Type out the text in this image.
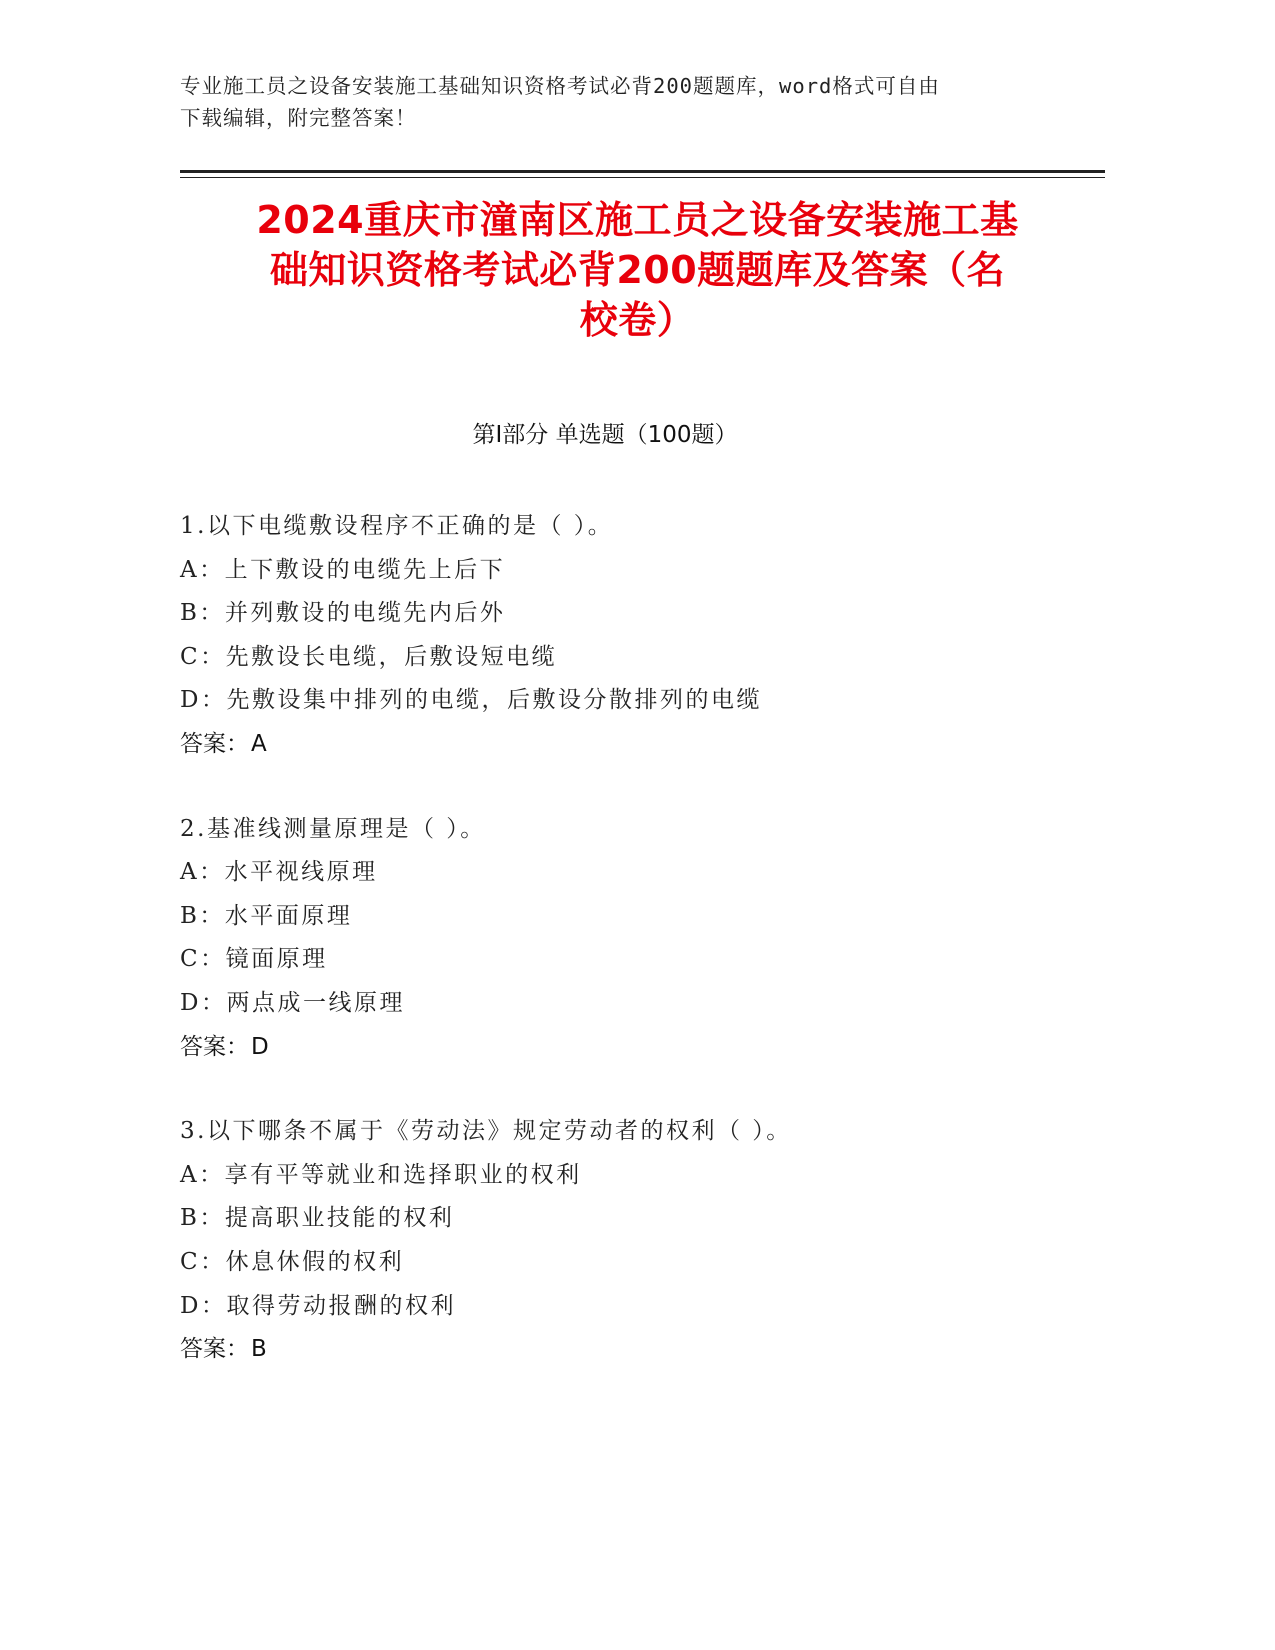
专业施工员之设备安装施工基础知识资格考试必背200题题库，word格式可自由
下载编辑，附完整答案！
2024重庆市潼南区施工员之设备安装施工基
础知识资格考试必背200题题库及答案（名
校卷）
第Ⅰ部分 单选题（100题）
1.以下电缆敷设程序不正确的是（ ）。
A：上下敷设的电缆先上后下
B：并列敷设的电缆先内后外
C：先敷设长电缆，后敷设短电缆
D：先敷设集中排列的电缆，后敷设分散排列的电缆
答案：A
2.基准线测量原理是（ ）。
A：水平视线原理
B：水平面原理
C：镜面原理
D：两点成一线原理
答案：D
3.以下哪条不属于《劳动法》规定劳动者的权利（ ）。
A：享有平等就业和选择职业的权利
B：提高职业技能的权利
C：休息休假的权利
D：取得劳动报酬的权利
答案：B
